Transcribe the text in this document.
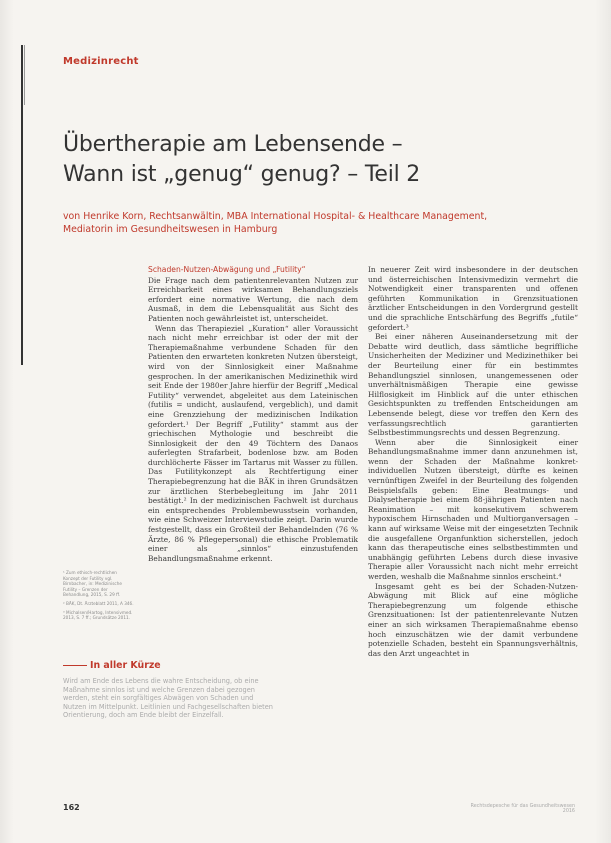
Medizinrecht
Übertherapie am Lebensende –
Wann ist „genug“ genug? – Teil 2
von Henrike Korn, Rechtsanwältin, MBA International Hospital- & Healthcare Management,
Mediatorin im Gesundheitswesen in Hamburg
Schaden-Nutzen-Abwägung und „Futility“

Die Frage nach dem patientenrelevanten Nutzen zur Erreichbarkeit eines wirksamen Behandlungsziels erfordert eine normative Wertung, die nach dem Ausmaß, in dem die Lebensqualität aus Sicht des Patienten noch gewährleistet ist, unterscheidet.

Wenn das Therapieziel „Kuration“ aller Voraussicht nach nicht mehr erreichbar ist oder der mit der Therapiemaßnahme verbundene Schaden für den Patienten den erwarteten konkreten Nutzen übersteigt, wird von der Sinnlosigkeit einer Maßnahme gesprochen. In der amerikanischen Medizinethik wird seit Ende der 1980er Jahre hierfür der Begriff „Medical Futility“ verwendet, abgeleitet aus dem Lateinischen (futilis = undicht, auslaufend, vergeblich), und damit eine Grenzziehung der medizinischen Indikation gefordert.¹ Der Begriff „Futility“ stammt aus der griechischen Mythologie und beschreibt die Sinnlosigkeit der den 49 Töchtern des Danaos auferlegten Strafarbeit, bodenlose bzw. am Boden durchlöcherte Fässer im Tartarus mit Wasser zu füllen. Das Futilitykonzept als Rechtfertigung einer Therapiebegrenzung hat die BÄK in ihren Grundsätzen zur ärztlichen Sterbebegleitung im Jahr 2011 bestätigt.² In der medizinischen Fachwelt ist durchaus ein entsprechendes Problembewusstsein vorhanden, wie eine Schweizer Interviewstudie zeigt. Darin wurde festgestellt, dass ein Großteil der Behandelnden (76 % Ärzte, 86 % Pflegepersonal) die ethische Problematik einer als „sinnlos“ einzustufenden Behandlungsmaßnahme erkennt.

In neuerer Zeit wird insbesondere in der deutschen und österreichischen Intensivmedizin vermehrt die Notwendigkeit einer transparenten und offenen geführten Kommunikation in Grenzsituationen ärztlicher Entscheidungen in den Vordergrund gestellt und die sprachliche Entschärfung des Begriffs „futile“ gefordert.³

Bei einer näheren Auseinandersetzung mit der Debatte wird deutlich, dass sämtliche begriffliche Unsicherheiten der Mediziner und Medizinethiker bei der Beurteilung einer für ein bestimmtes Behandlungsziel sinnlosen, unangemessenen oder unverhältnismäßigen Therapie eine gewisse Hilflosigkeit im Hinblick auf die unter ethischen Gesichtspunkten zu treffenden Entscheidungen am Lebensende belegt, diese vor treffen den Kern des verfassungsrechtlich garantierten Selbstbestimmungsrechts und dessen Begrenzung.

Wenn aber die Sinnlosigkeit einer Behandlungsmaßnahme immer dann anzunehmen ist, wenn der Schaden der Maßnahme konkret-individuellen Nutzen übersteigt, dürfte es keinen vernünftigen Zweifel in der Beurteilung des folgenden Beispielsfalls geben: Eine Beatmungs- und Dialysetherapie bei einem 88-jährigen Patienten nach Reanimation – mit konsekutivem schwerem hypoxischem Hirnschaden und Multiorganversagen – kann auf wirksame Weise mit der eingesetzten Technik die ausgefallene Organfunktion sicherstellen, jedoch kann das therapeutische eines selbstbestimmten und unabhängig geführten Lebens durch diese invasive Therapie aller Voraussicht nach nicht mehr erreicht werden, weshalb die Maßnahme sinnlos erscheint.⁴

Insgesamt geht es bei der Schaden-Nutzen-Abwägung mit Blick auf eine mögliche Therapiebegrenzung um folgende ethische Grenzsituationen: Ist der patientenrelevante Nutzen einer an sich wirksamen Therapiemaßnahme ebenso hoch einzuschätzen wie der damit verbundene potenzielle Schaden, besteht ein Spannungsverhältnis, das den Arzt ungeachtet in

¹ Zum ethisch-rechtlichen Konzept der Futility vgl. Birnbacher, in: Medizinische Futility – Grenzen der Behandlung, 2015, S. 29 ff.

² BÄK, Dt. Ärzteblatt 2011, A 346.

³ Michalsen/Hartog, Intensivmed. 2013, S. 7 ff.; Grundsätze 2011.

In aller Kürze
Wird am Ende des Lebens die wahre Entscheidung, ob eine Maßnahme sinnlos ist und welche Grenzen dabei gezogen werden, steht ein sorgfältiges Abwägen von Schaden und Nutzen im Mittelpunkt. Leitlinien und Fachgesellschaften bieten Orientierung, doch am Ende bleibt der Einzelfall.
162	Rechtsdepesche für das Gesundheitswesen 2016
